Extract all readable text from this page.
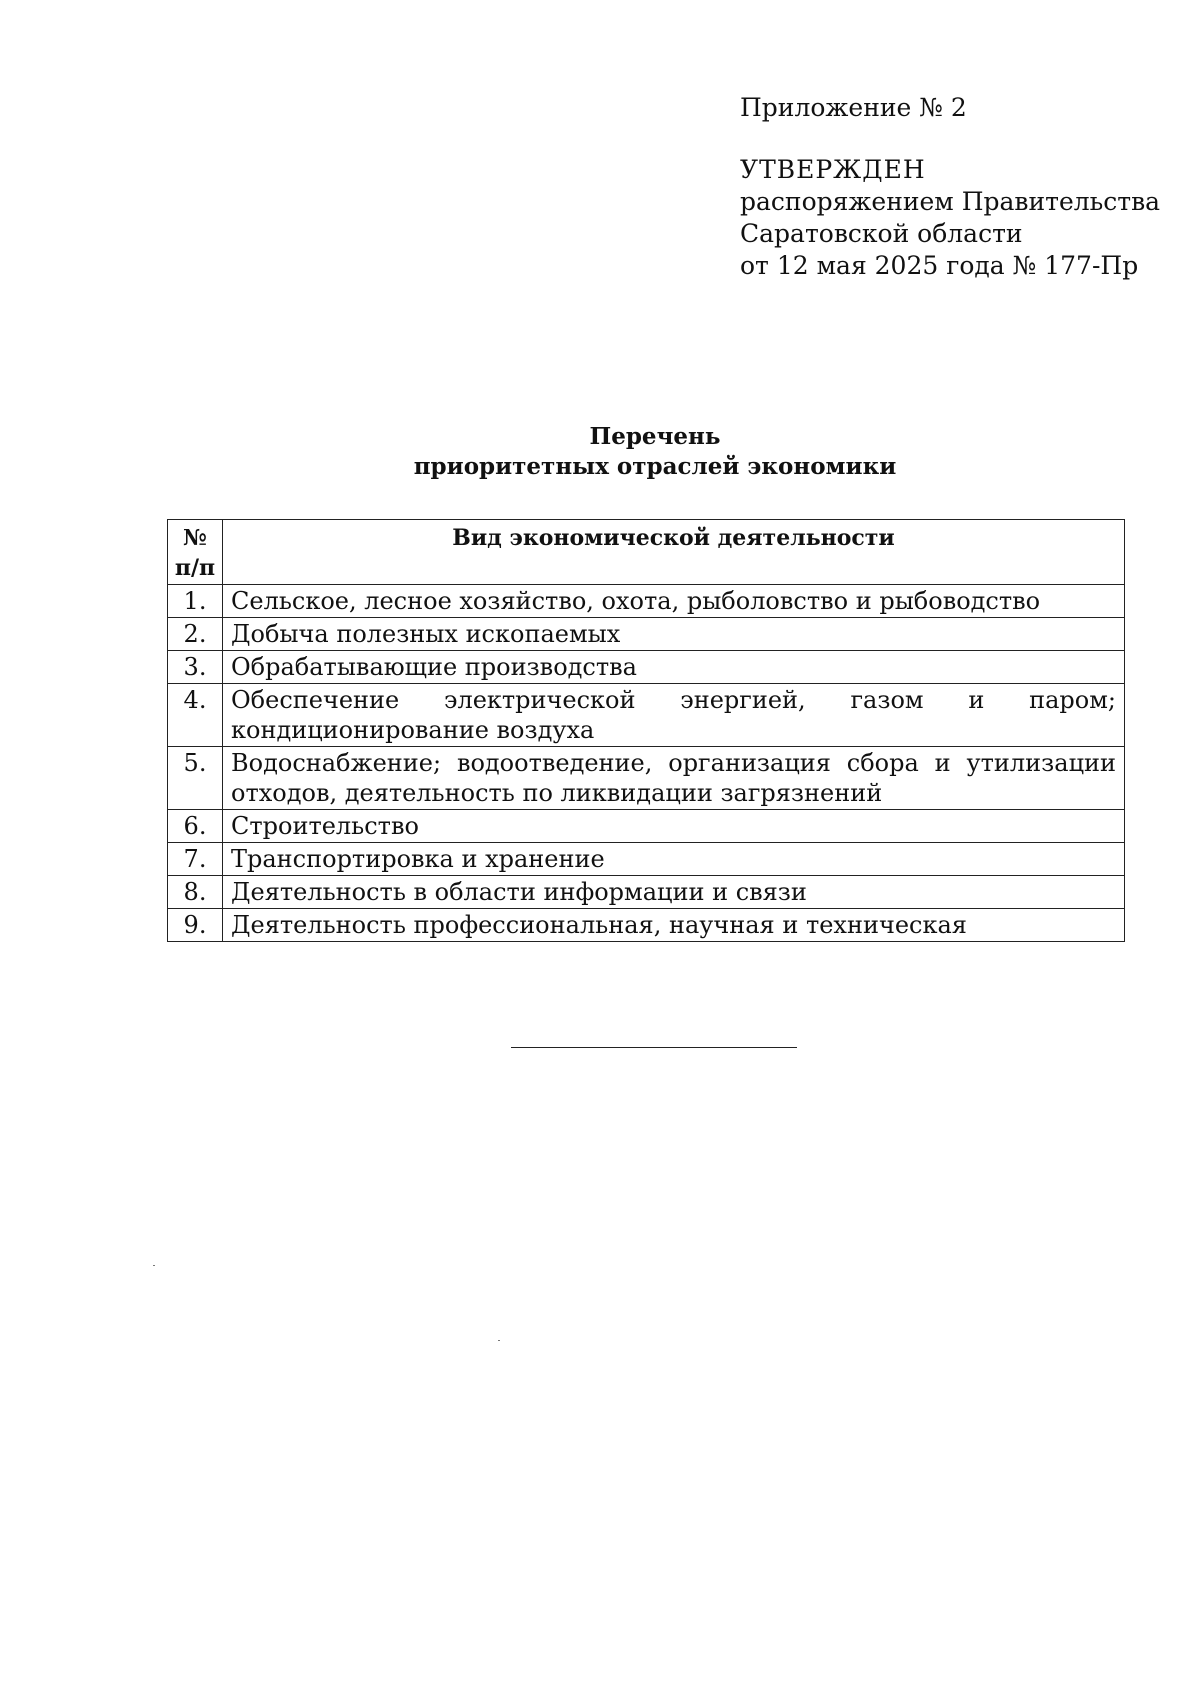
Приложение № 2
УТВЕРЖДЕН
распоряжением Правительства
Саратовской области
от 12 мая 2025 года № 177-Пр
Перечень
приоритетных отраслей экономики
№ п/п	Вид экономической деятельности
1.	Сельское, лесное хозяйство, охота, рыболовство и рыбоводство
2.	Добыча полезных ископаемых
3.	Обрабатывающие производства
4.	Обеспечение электрической энергией, газом и паром; кондиционирование воздуха
5.	Водоснабжение; водоотведение, организация сбора и утилизации отходов, деятельность по ликвидации загрязнений
6.	Строительство
7.	Транспортировка и хранение
8.	Деятельность в области информации и связи
9.	Деятельность профессиональная, научная и техническая
